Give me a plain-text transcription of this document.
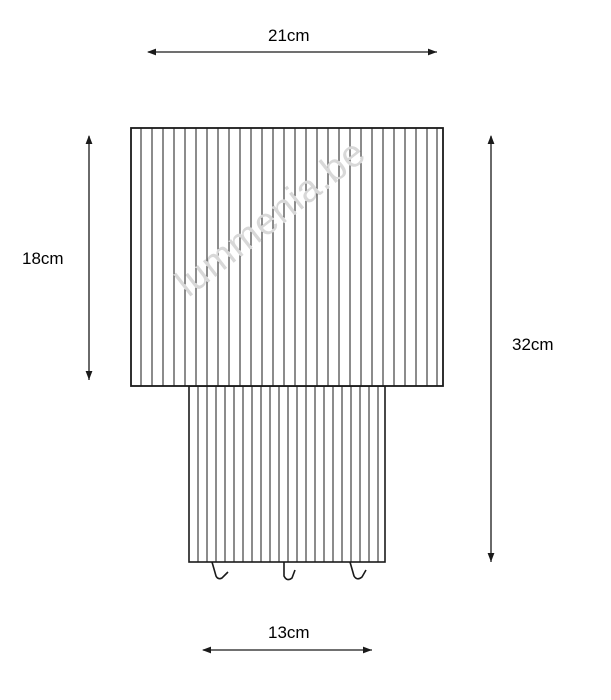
21cm
18cm
32cm
13cm
lummenia.be
